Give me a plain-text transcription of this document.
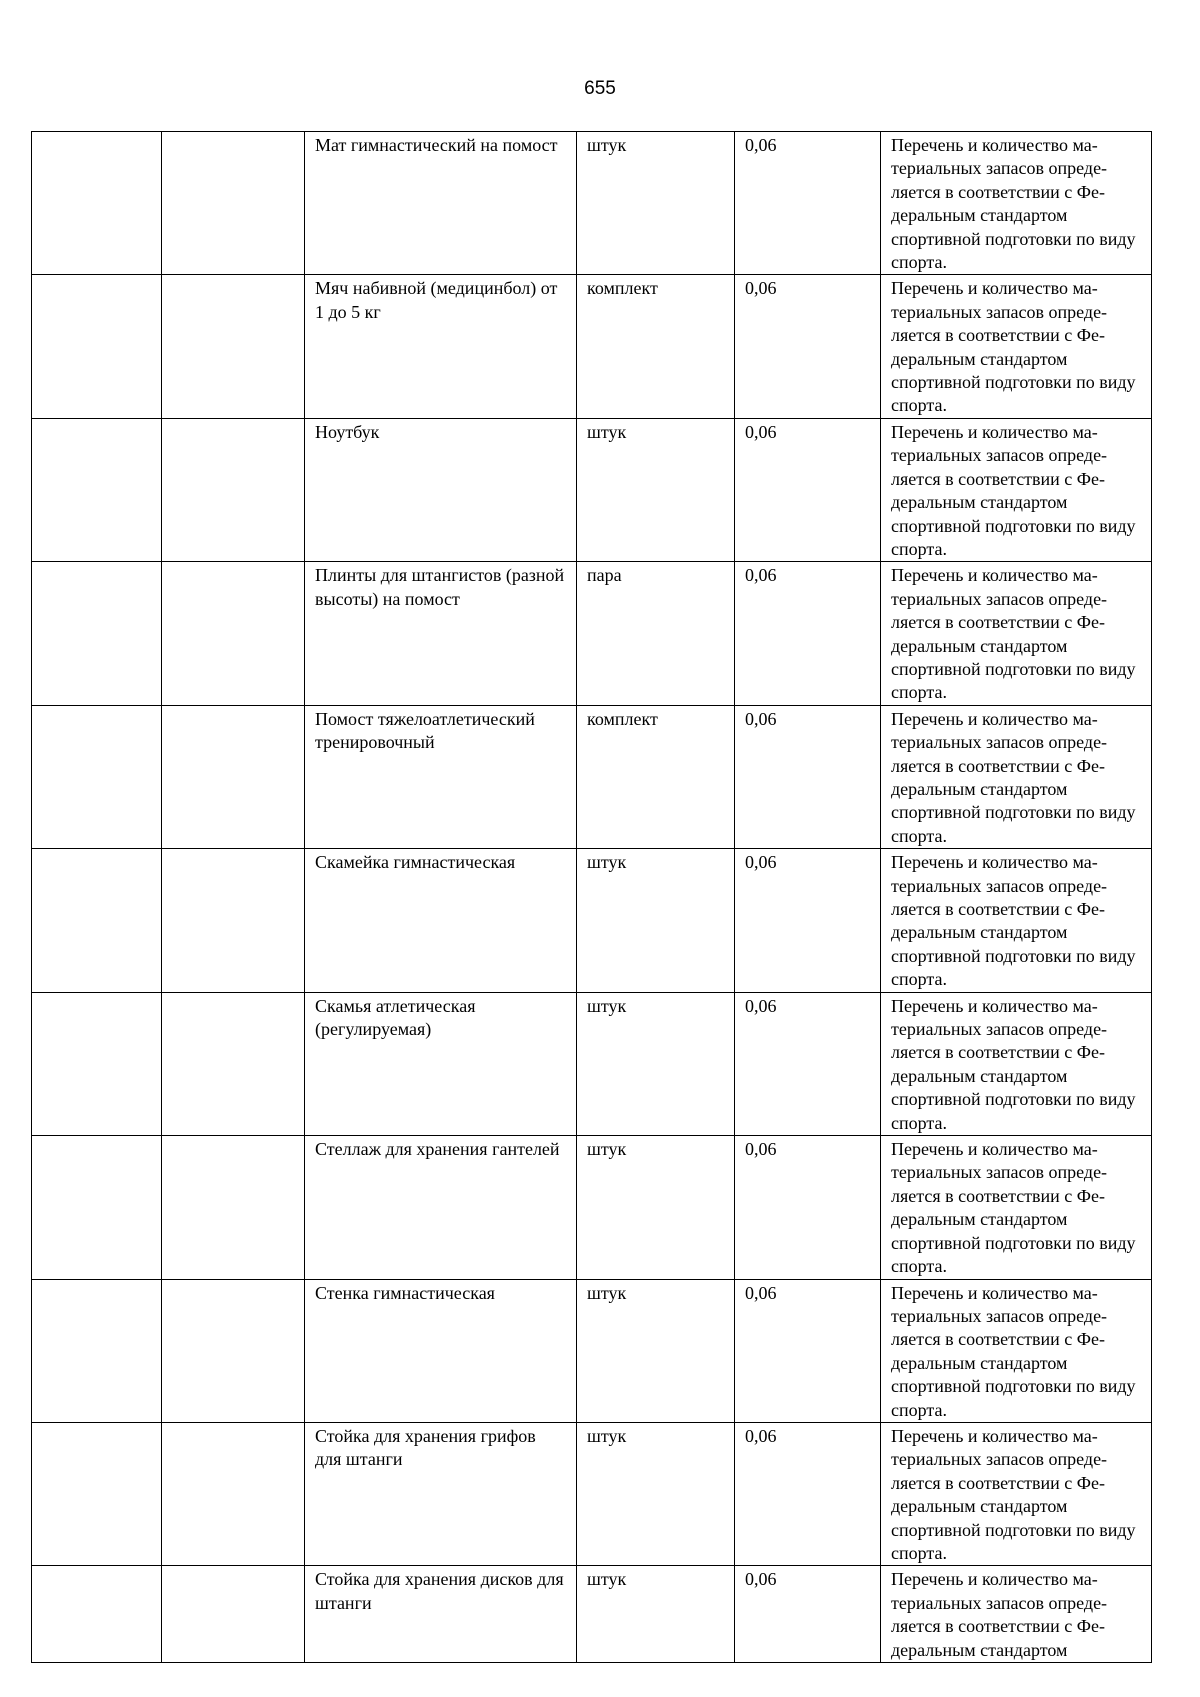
655
		Мат гимнастический на помост	штук	0,06	Перечень и количество ма-териальных запасов опреде-ляется в соответствии с Фе-деральным стандартом спортивной подготовки по виду спорта.
		Мяч набивной (медицинбол) от 1 до 5 кг	комплект	0,06	Перечень и количество ма-териальных запасов опреде-ляется в соответствии с Фе-деральным стандартом спортивной подготовки по виду спорта.
		Ноутбук	штук	0,06	Перечень и количество ма-териальных запасов опреде-ляется в соответствии с Фе-деральным стандартом спортивной подготовки по виду спорта.
		Плинты для штангистов (разной высоты) на помост	пара	0,06	Перечень и количество ма-териальных запасов опреде-ляется в соответствии с Фе-деральным стандартом спортивной подготовки по виду спорта.
		Помост тяжелоатлетический тренировочный	комплект	0,06	Перечень и количество ма-териальных запасов опреде-ляется в соответствии с Фе-деральным стандартом спортивной подготовки по виду спорта.
		Скамейка гимнастическая	штук	0,06	Перечень и количество ма-териальных запасов опреде-ляется в соответствии с Фе-деральным стандартом спортивной подготовки по виду спорта.
		Скамья атлетическая (регулируемая)	штук	0,06	Перечень и количество ма-териальных запасов опреде-ляется в соответствии с Фе-деральным стандартом спортивной подготовки по виду спорта.
		Стеллаж для хранения гантелей	штук	0,06	Перечень и количество ма-териальных запасов опреде-ляется в соответствии с Фе-деральным стандартом спортивной подготовки по виду спорта.
		Стенка гимнастическая	штук	0,06	Перечень и количество ма-териальных запасов опреде-ляется в соответствии с Фе-деральным стандартом спортивной подготовки по виду спорта.
		Стойка для хранения грифов для штанги	штук	0,06	Перечень и количество ма-териальных запасов опреде-ляется в соответствии с Фе-деральным стандартом спортивной подготовки по виду спорта.
		Стойка для хранения дисков для штанги	штук	0,06	Перечень и количество ма-териальных запасов опреде-ляется в соответствии с Фе-деральным стандартом
